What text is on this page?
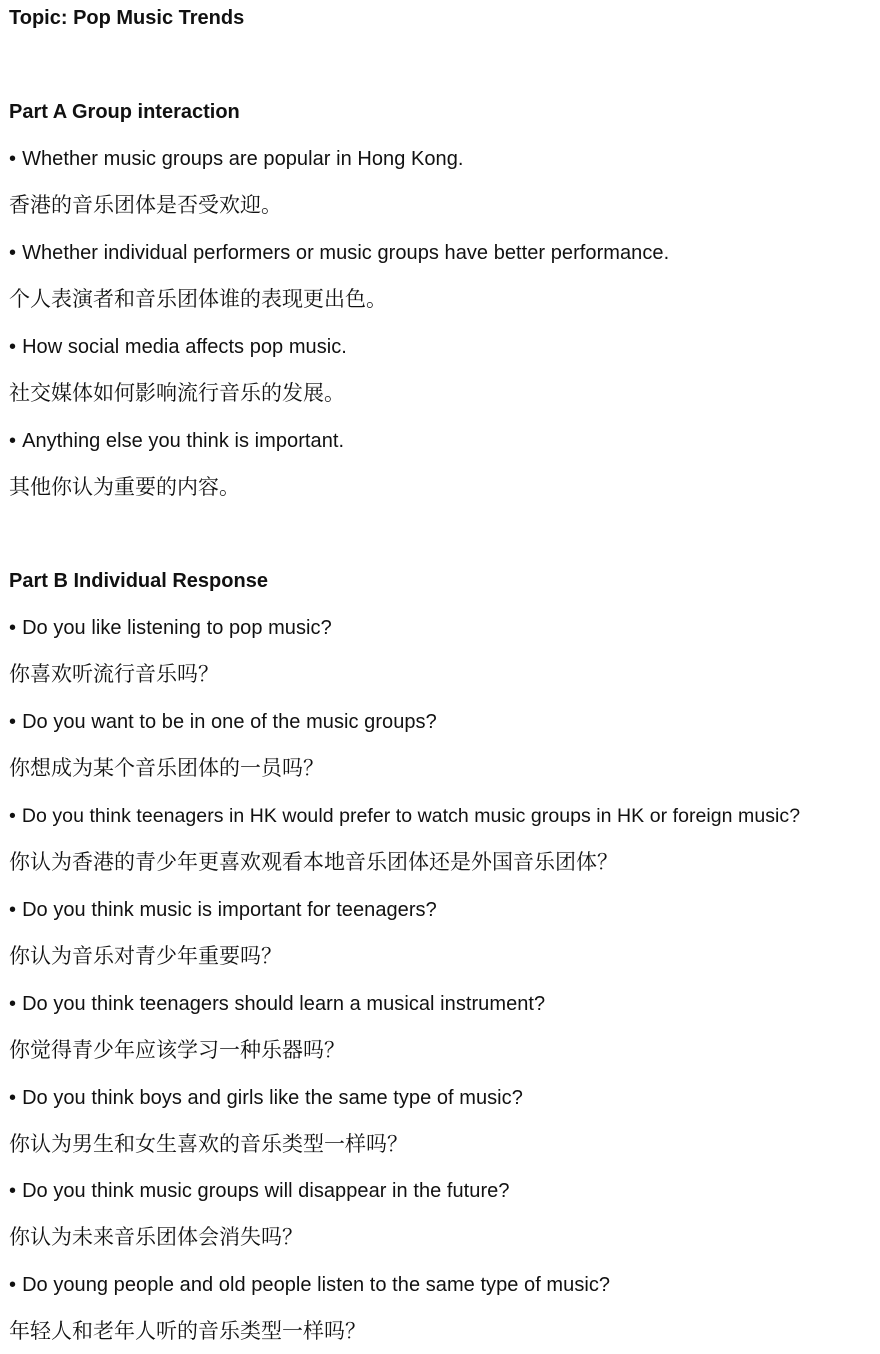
Topic: Pop Music Trends
Part A Group interaction
• Whether music groups are popular in Hong Kong.
香港的音乐团体是否受欢迎。
• Whether individual performers or music groups have better performance.
个人表演者和音乐团体谁的表现更出色。
• How social media affects pop music.
社交媒体如何影响流行音乐的发展。
• Anything else you think is important.
其他你认为重要的内容。
Part B Individual Response
• Do you like listening to pop music?
你喜欢听流行音乐吗？
• Do you want to be in one of the music groups?
你想成为某个音乐团体的一员吗？
• Do you think teenagers in HK would prefer to watch music groups in HK or foreign music?
你认为香港的青少年更喜欢观看本地音乐团体还是外国音乐团体？
• Do you think music is important for teenagers?
你认为音乐对青少年重要吗？
• Do you think teenagers should learn a musical instrument?
你觉得青少年应该学习一种乐器吗？
• Do you think boys and girls like the same type of music?
你认为男生和女生喜欢的音乐类型一样吗？
• Do you think music groups will disappear in the future?
你认为未来音乐团体会消失吗？
• Do young people and old people listen to the same type of music?
年轻人和老年人听的音乐类型一样吗？
